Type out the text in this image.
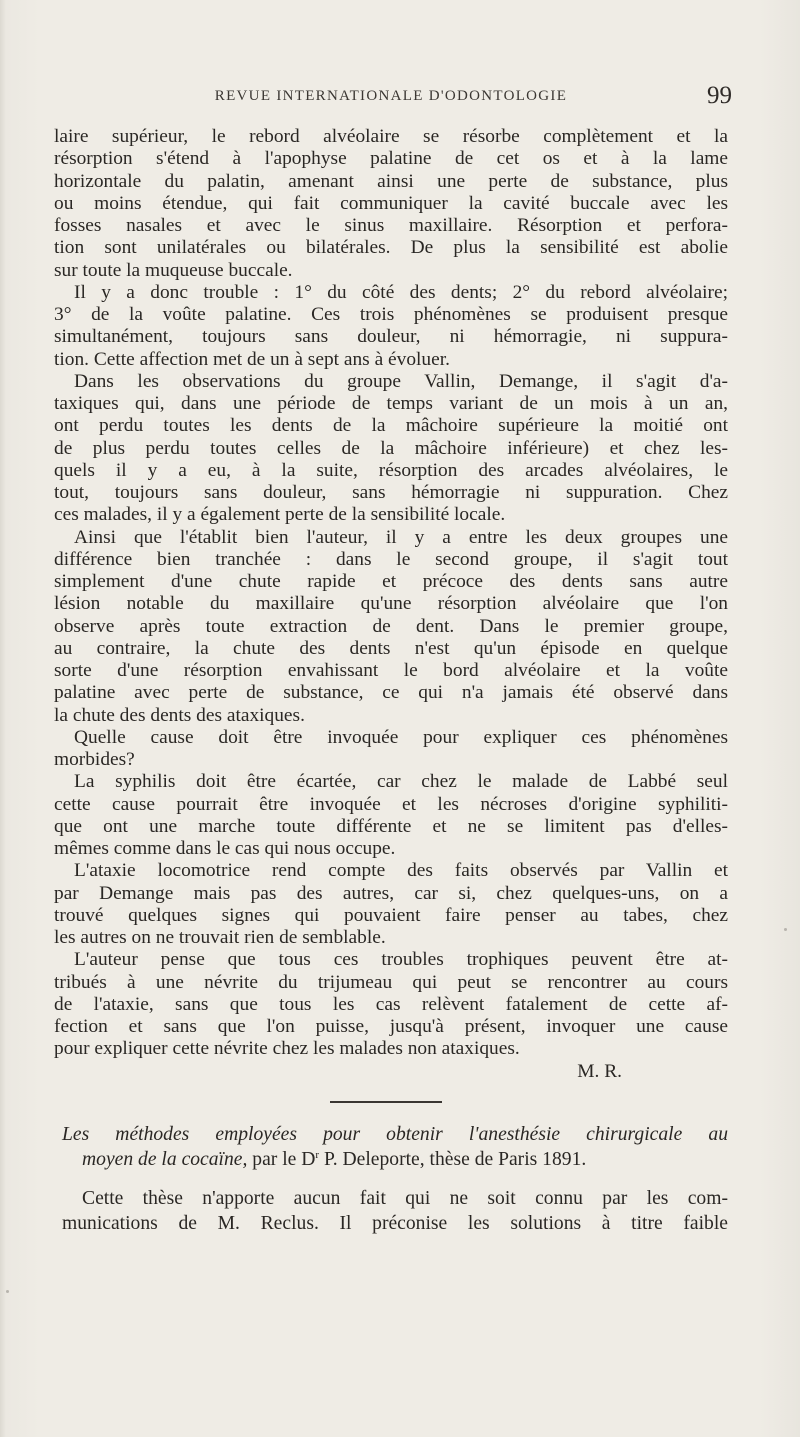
REVUE INTERNATIONALE D'ODONTOLOGIE	99
laire supérieur, le rebord alvéolaire se résorbe complètement et la
résorption s'étend à l'apophyse palatine de cet os et à la lame
horizontale du palatin, amenant ainsi une perte de substance, plus
ou moins étendue, qui fait communiquer la cavité buccale avec les
fosses nasales et avec le sinus maxillaire. Résorption et perfora-
tion sont unilatérales ou bilatérales. De plus la sensibilité est abolie
sur toute la muqueuse buccale.
Il y a donc trouble : 1° du côté des dents; 2° du rebord alvéolaire;
3° de la voûte palatine. Ces trois phénomènes se produisent presque
simultanément, toujours sans douleur, ni hémorragie, ni suppura-
tion. Cette affection met de un à sept ans à évoluer.
Dans les observations du groupe Vallin, Demange, il s'agit d'a-
taxiques qui, dans une période de temps variant de un mois à un an,
ont perdu toutes les dents de la mâchoire supérieure la moitié ont
de plus perdu toutes celles de la mâchoire inférieure) et chez les-
quels il y a eu, à la suite, résorption des arcades alvéolaires, le
tout, toujours sans douleur, sans hémorragie ni suppuration. Chez
ces malades, il y a également perte de la sensibilité locale.
Ainsi que l'établit bien l'auteur, il y a entre les deux groupes une
différence bien tranchée : dans le second groupe, il s'agit tout
simplement d'une chute rapide et précoce des dents sans autre
lésion notable du maxillaire qu'une résorption alvéolaire que l'on
observe après toute extraction de dent. Dans le premier groupe,
au contraire, la chute des dents n'est qu'un épisode en quelque
sorte d'une résorption envahissant le bord alvéolaire et la voûte
palatine avec perte de substance, ce qui n'a jamais été observé dans
la chute des dents des ataxiques.
Quelle cause doit être invoquée pour expliquer ces phénomènes
morbides?
La syphilis doit être écartée, car chez le malade de Labbé seul
cette cause pourrait être invoquée et les nécroses d'origine syphiliti-
que ont une marche toute différente et ne se limitent pas d'elles-
mêmes comme dans le cas qui nous occupe.
L'ataxie locomotrice rend compte des faits observés par Vallin et
par Demange mais pas des autres, car si, chez quelques-uns, on a
trouvé quelques signes qui pouvaient faire penser au tabes, chez
les autres on ne trouvait rien de semblable.
L'auteur pense que tous ces troubles trophiques peuvent être at-
tribués à une névrite du trijumeau qui peut se rencontrer au cours
de l'ataxie, sans que tous les cas relèvent fatalement de cette af-
fection et sans que l'on puisse, jusqu'à présent, invoquer une cause
pour expliquer cette névrite chez les malades non ataxiques.
M. R.
Les méthodes employées pour obtenir l'anesthésie chirurgicale au
moyen de la cocaïne, par le $D^r$ P. Deleporte, thèse de Paris 1891.
Cette thèse n'apporte aucun fait qui ne soit connu par les com-
munications de M. Reclus. Il préconise les solutions à titre faible
